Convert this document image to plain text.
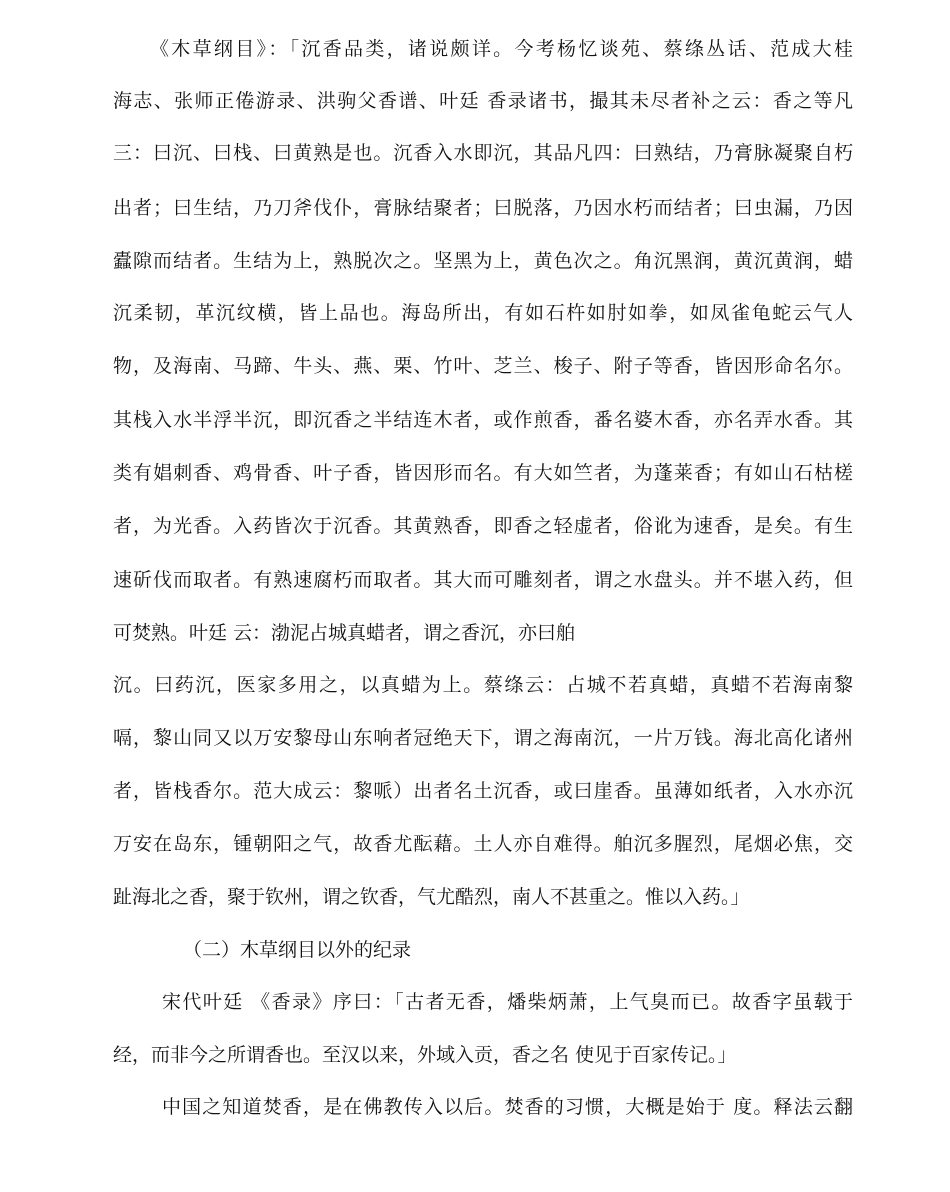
《木草纲目》：「沉香品类，诸说颇详。今考杨忆谈苑、蔡绦丛话、范成大桂
海志、张师正倦游录、洪驹父香谱、叶廷 香录诸书，撮其未尽者补之云：香之等凡
三：曰沉、曰栈、曰黄熟是也。沉香入水即沉，其品凡四：曰熟结，乃膏脉凝聚自朽
出者；曰生结，乃刀斧伐仆，膏脉结聚者；曰脱落，乃因水朽而结者；曰虫漏，乃因
蠹隙而结者。生结为上，熟脱次之。坚黑为上，黄色次之。角沉黑润，黄沉黄润，蜡
沉柔韧，革沉纹横，皆上品也。海岛所出，有如石杵如肘如拳，如凤雀龟蛇云气人
物，及海南、马蹄、牛头、燕、栗、竹叶、芝兰、梭子、附子等香，皆因形命名尔。
其栈入水半浮半沉，即沉香之半结连木者，或作煎香，番名婆木香，亦名弄水香。其
类有娼刺香、鸡骨香、叶子香，皆因形而名。有大如竺者，为蓬莱香；有如山石枯槎
者，为光香。入药皆次于沉香。其黄熟香，即香之轻虚者，俗讹为速香，是矣。有生
速斫伐而取者。有熟速腐朽而取者。其大而可雕刻者，谓之水盘头。并不堪入药，但
可焚熟。叶廷 云：渤泥占城真蜡者，谓之香沉，亦曰舶
沉。曰药沉，医家多用之，以真蜡为上。蔡绦云：占城不若真蜡，真蜡不若海南黎
嗝，黎山同又以万安黎母山东响者冠绝天下，谓之海南沉，一片万钱。海北高化诸州
者，皆栈香尔。范大成云：黎哌）出者名土沉香，或曰崖香。虽薄如纸者，入水亦沉
万安在岛东，锺朝阳之气，故香尤酝藉。土人亦自难得。舶沉多腥烈，尾烟必焦，交
趾海北之香，聚于钦州，谓之钦香，气尤酷烈，南人不甚重之。惟以入药。」
（二）木草纲目以外的纪录
宋代叶廷 《香录》序曰：「古者无香，燔柴炳萧，上气臭而已。故香字虽载于
经，而非今之所谓香也。至汉以来，外域入贡，香之名 使见于百家传记。」
中国之知道焚香，是在佛教传入以后。焚香的习惯，大概是始于 度。释法云翻
